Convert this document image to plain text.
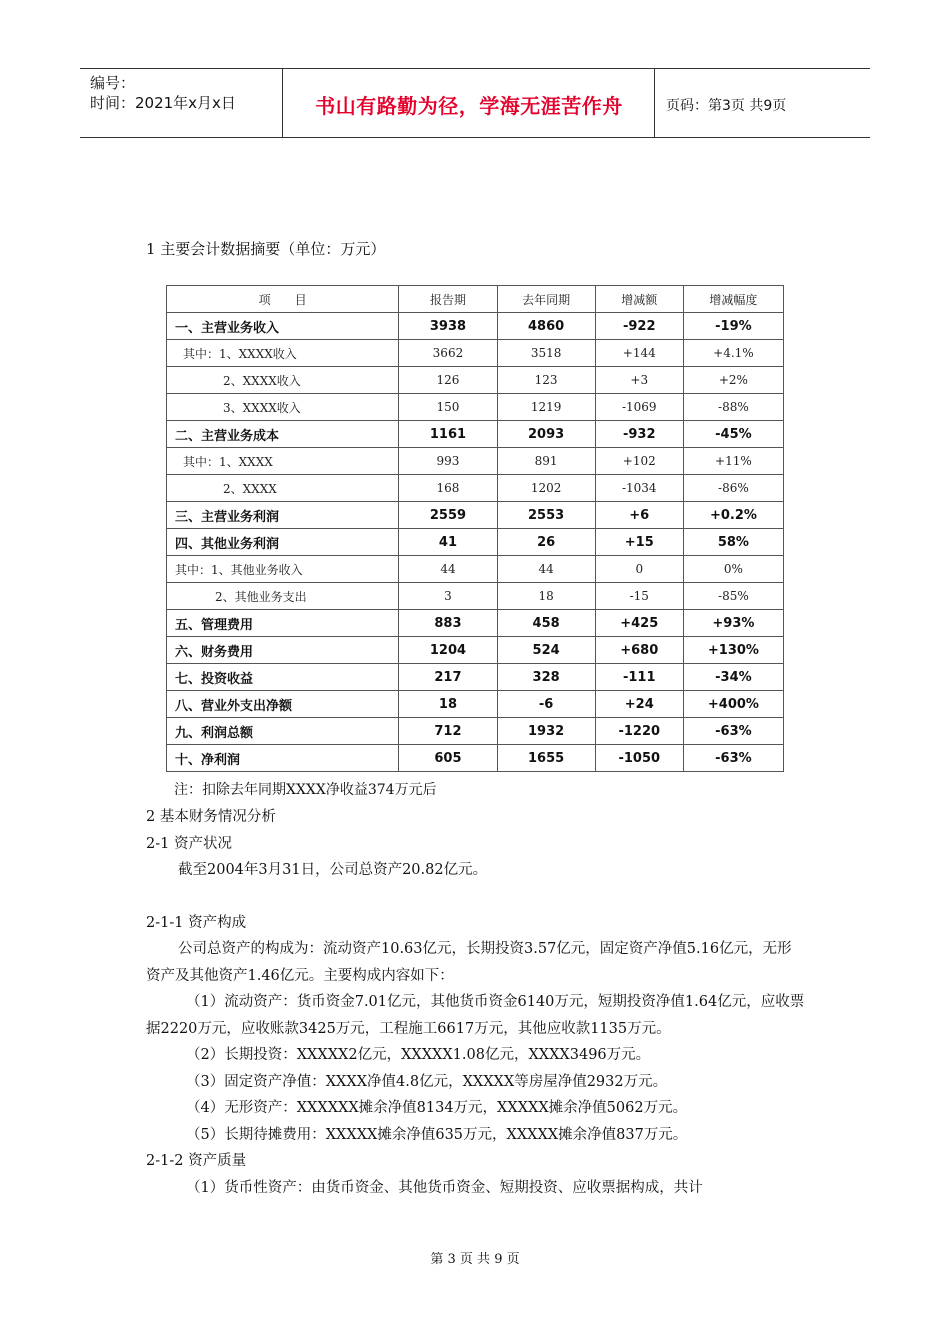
编号：
时间：2021年x月x日	书山有路勤为径，学海无涯苦作舟	页码：第3页 共9页
1 主要会计数据摘要（单位：万元）
项　　目	报告期	去年同期	增减额	增减幅度
一、主营业务收入	3938	4860	-922	-19%
其中：1、XXXX收入	3662	3518	+144	+4.1%
2、XXXX收入	126	123	+3	+2%
3、XXXX收入	150	1219	-1069	-88%
二、主营业务成本	1161	2093	-932	-45%
其中：1、XXXX	993	891	+102	+11%
2、XXXX	168	1202	-1034	-86%
三、主营业务利润	2559	2553	+6	+0.2%
四、其他业务利润	41	26	+15	58%
其中：1、其他业务收入	44	44	0	0%
2、其他业务支出	3	18	-15	-85%
五、管理费用	883	458	+425	+93%
六、财务费用	1204	524	+680	+130%
七、投资收益	217	328	-111	-34%
八、营业外支出净额	18	-6	+24	+400%
九、利润总额	712	1932	-1220	-63%
十、净利润	605	1655	-1050	-63%
注：扣除去年同期XXXX净收益374万元后

2 基本财务情况分析

2-1 资产状况

截至2004年3月31日，公司总资产20.82亿元。

2-1-1 资产构成

公司总资产的构成为：流动资产10.63亿元，长期投资3.57亿元，固定资产净值5.16亿元，无形资产及其他资产1.46亿元。主要构成内容如下：

（1）流动资产：货币资金7.01亿元，其他货币资金6140万元，短期投资净值1.64亿元，应收票据2220万元，应收账款3425万元，工程施工6617万元，其他应收款1135万元。

（2）长期投资：XXXXX2亿元，XXXXX1.08亿元，XXXX3496万元。

（3）固定资产净值：XXXX净值4.8亿元，XXXXX等房屋净值2932万元。

（4）无形资产：XXXXXX摊余净值8134万元，XXXXX摊余净值5062万元。

（5）长期待摊费用：XXXXX摊余净值635万元，XXXXX摊余净值837万元。

2-1-2 资产质量

（1）货币性资产：由货币资金、其他货币资金、短期投资、应收票据构成，共计

第 3 页 共 9 页
